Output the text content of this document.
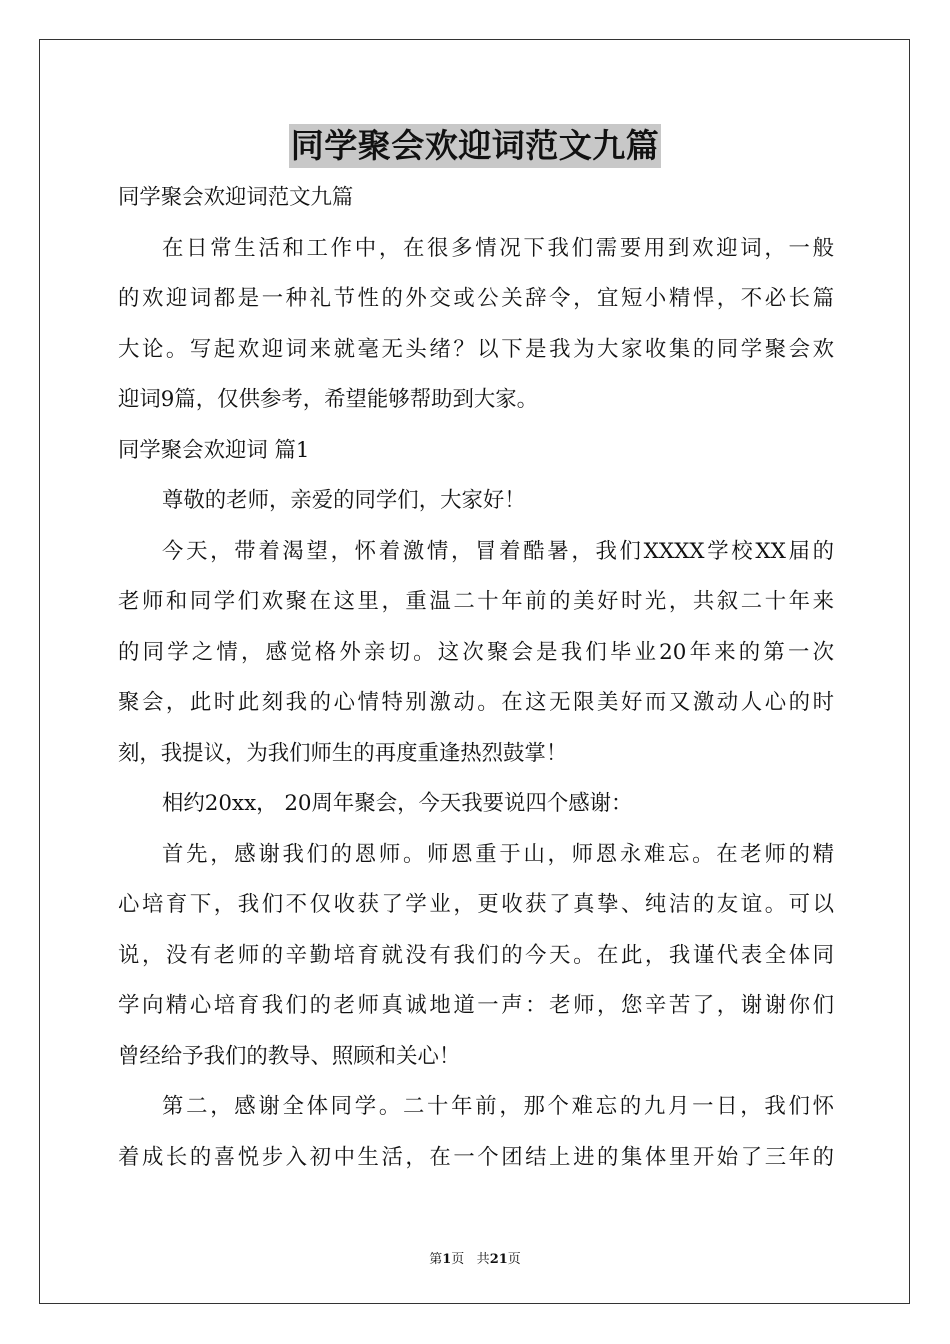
同学聚会欢迎词范文九篇
同学聚会欢迎词范文九篇
在日常生活和工作中，在很多情况下我们需要用到欢迎词，一般
的欢迎词都是一种礼节性的外交或公关辞令，宜短小精悍，不必长篇
大论。写起欢迎词来就毫无头绪？以下是我为大家收集的同学聚会欢
迎词9篇，仅供参考，希望能够帮助到大家。
同学聚会欢迎词 篇1
尊敬的老师，亲爱的同学们，大家好！
今天，带着渴望，怀着激情，冒着酷暑，我们XXXX学校XX届的
老师和同学们欢聚在这里，重温二十年前的美好时光，共叙二十年来
的同学之情，感觉格外亲切。这次聚会是我们毕业20年来的第一次
聚会，此时此刻我的心情特别激动。在这无限美好而又激动人心的时
刻，我提议，为我们师生的再度重逢热烈鼓掌！
相约20xx， 20周年聚会，今天我要说四个感谢：
首先，感谢我们的恩师。师恩重于山，师恩永难忘。在老师的精
心培育下，我们不仅收获了学业，更收获了真挚、纯洁的友谊。可以
说，没有老师的辛勤培育就没有我们的今天。在此，我谨代表全体同
学向精心培育我们的老师真诚地道一声：老师，您辛苦了，谢谢你们
曾经给予我们的教导、照顾和关心！
第二，感谢全体同学。二十年前，那个难忘的九月一日，我们怀
着成长的喜悦步入初中生活，在一个团结上进的集体里开始了三年的
第1页 共21页
